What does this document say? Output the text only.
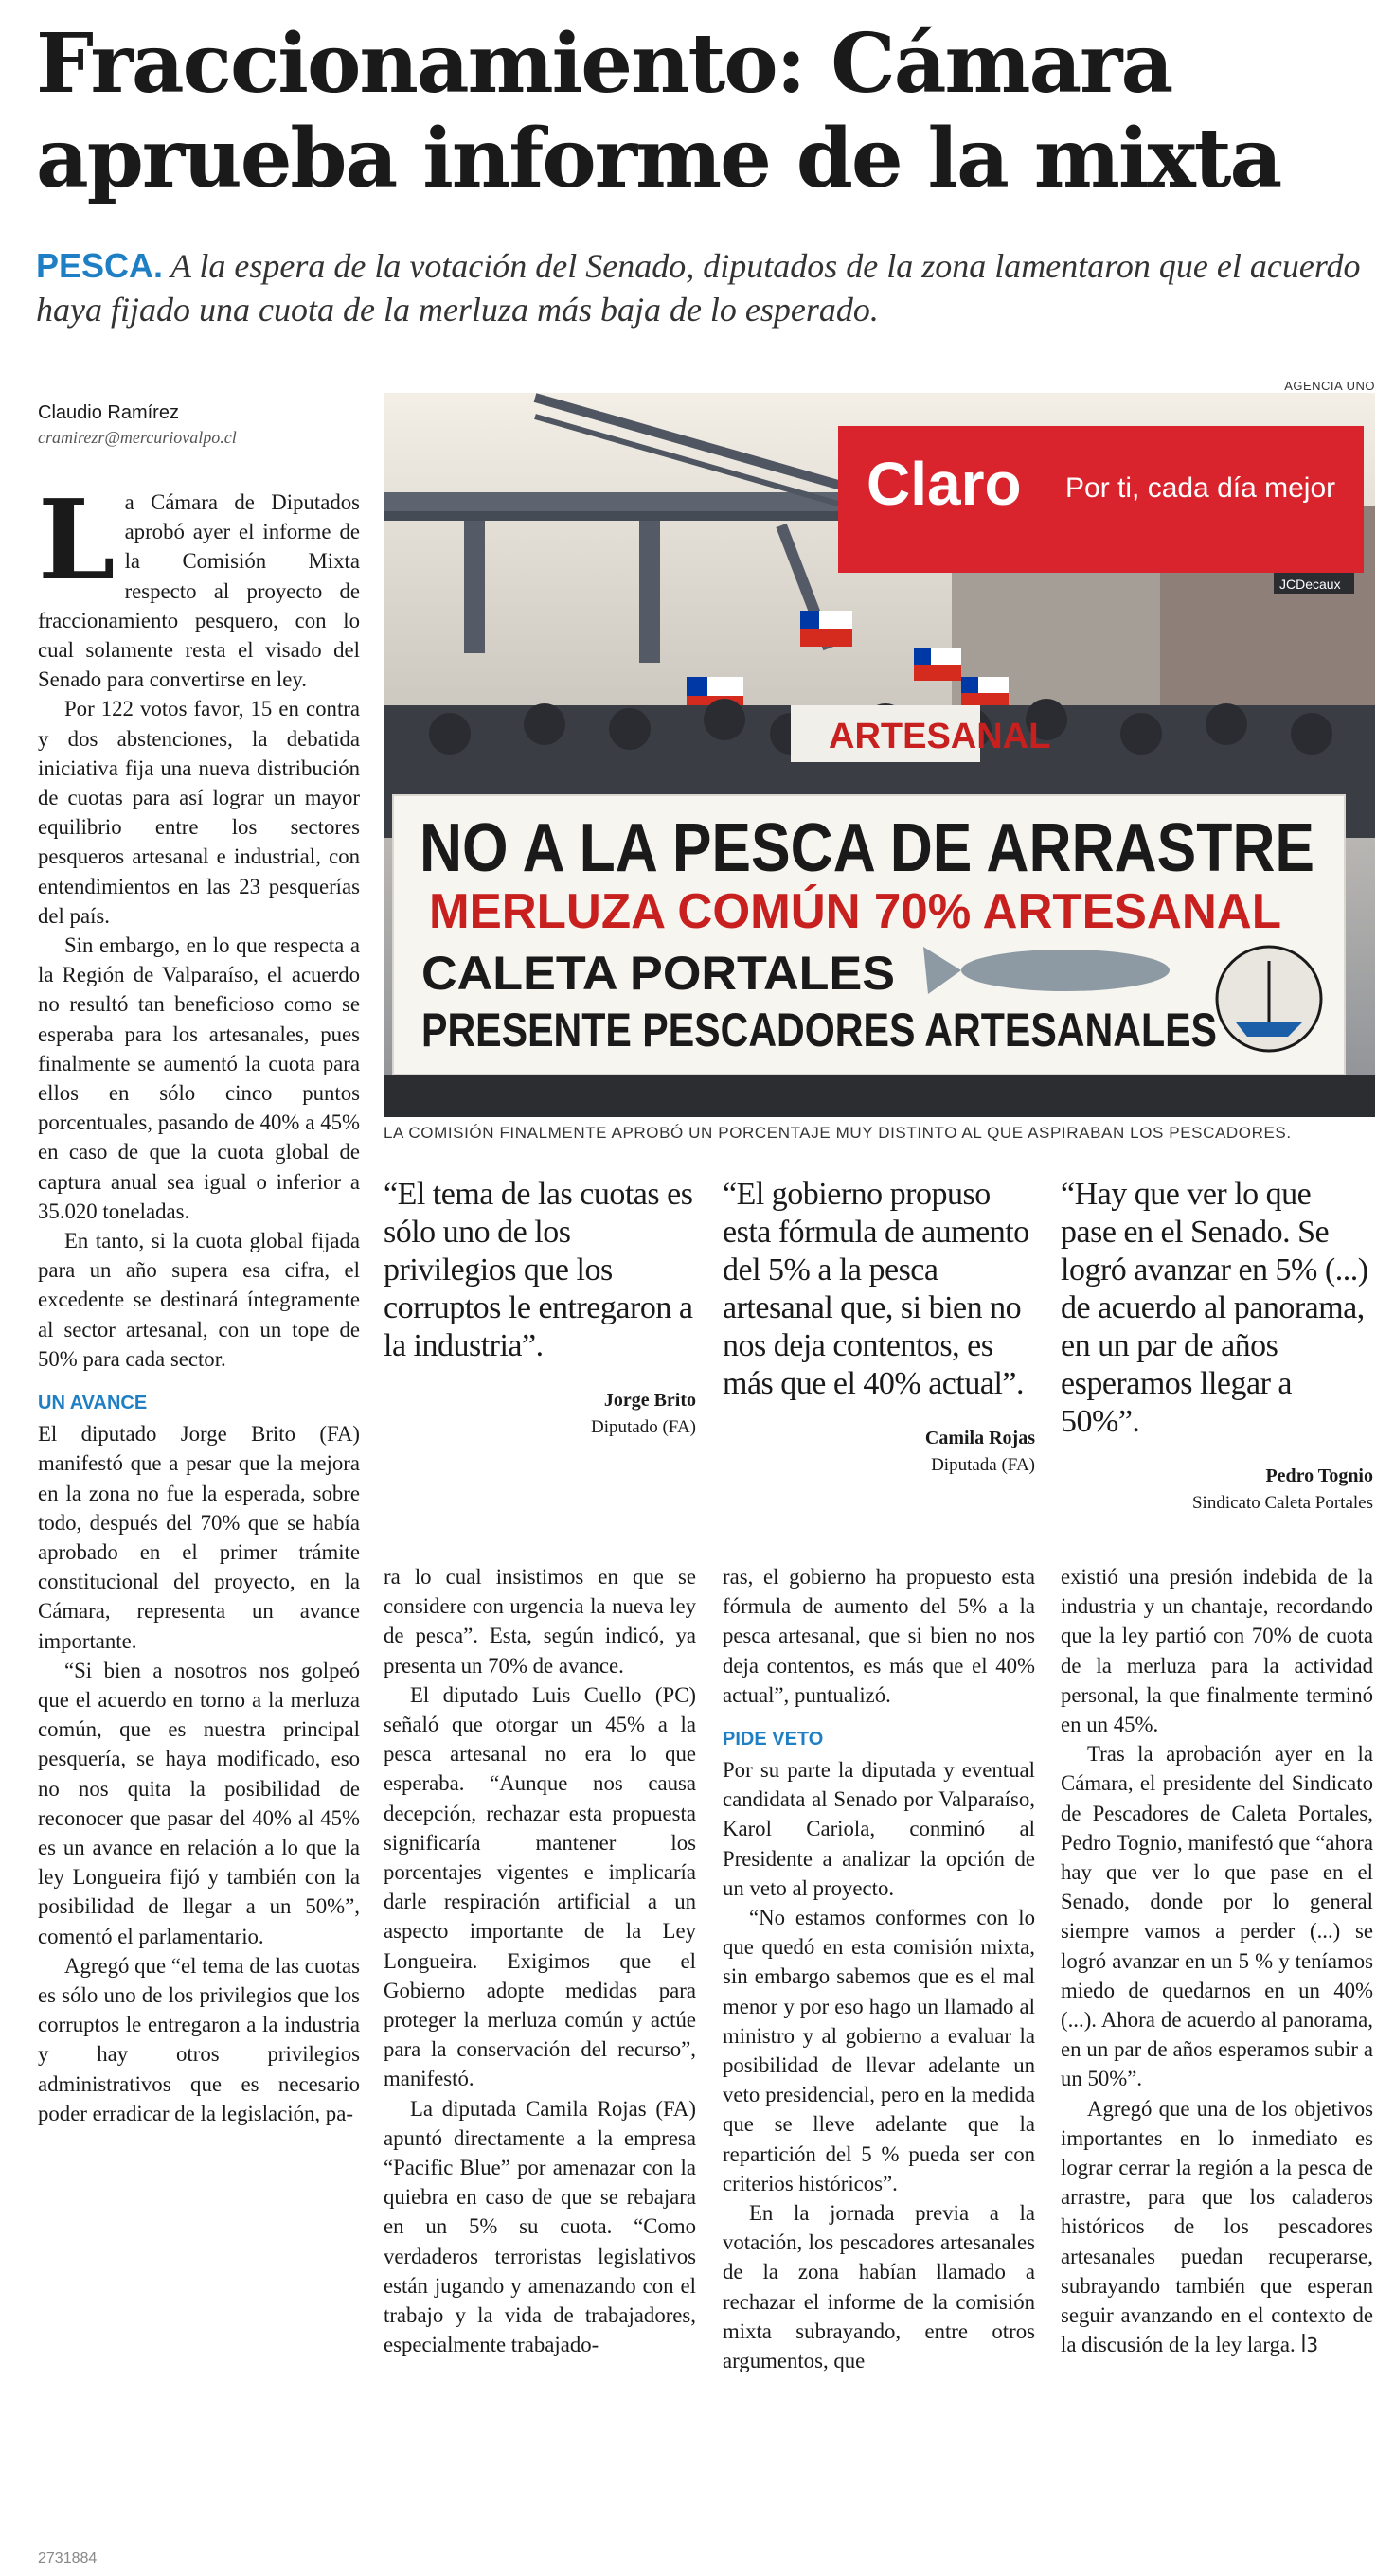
Fraccionamiento: Cámara aprueba informe de la mixta
PESCA. A la espera de la votación del Senado, diputados de la zona lamentaron que el acuerdo haya fijado una cuota de la merluza más baja de lo esperado.
Claudio Ramírez
cramirezr@mercuriovalpo.cl

La Cámara de Diputados aprobó ayer el informe de la Comisión Mixta respecto al proyecto de fraccionamiento pesquero, con lo cual solamente resta el visado del Senado para convertirse en ley.

Por 122 votos favor, 15 en contra y dos abstenciones, la debatida iniciativa fija una nueva distribución de cuotas para así lograr un mayor equilibrio entre los sectores pesqueros artesanal e industrial, con entendimientos en las 23 pesquerías del país.

Sin embargo, en lo que respecta a la Región de Valparaíso, el acuerdo no resultó tan beneficioso como se esperaba para los artesanales, pues finalmente se aumentó la cuota para ellos en sólo cinco puntos porcentuales, pasando de 40% a 45% en caso de que la cuota global de captura anual sea igual o inferior a 35.020 toneladas.

En tanto, si la cuota global fijada para un año supera esa cifra, el excedente se destinará íntegramente al sector artesanal, con un tope de 50% para cada sector.

UN AVANCE

El diputado Jorge Brito (FA) manifestó que a pesar que la mejora en la zona no fue la esperada, sobre todo, después del 70% que se había aprobado en el primer trámite constitucional del proyecto, en la Cámara, representa un avance importante.

“Si bien a nosotros nos golpeó que el acuerdo en torno a la merluza común, que es nuestra principal pesquería, se haya modificado, eso no nos quita la posibilidad de reconocer que pasar del 40% al 45% es un avance en relación a lo que la ley Longueira fijó y también con la posibilidad de llegar a un 50%”, comentó el parlamentario.

Agregó que “el tema de las cuotas es sólo uno de los privilegios que los corruptos le entregaron a la industria y hay otros privilegios administrativos que es necesario poder erradicar de la legislación, pa-

AGENCIA UNO
Claro Por ti, cada día mejor
JCDecaux
ARTESANAL
NO A LA PESCA DE ARRASTRE
MERLUZA COMÚN 70% ARTESANAL
CALETA PORTALES
PRESENTE PESCADORES ARTESANALES
LA COMISIÓN FINALMENTE APROBÓ UN PORCENTAJE MUY DISTINTO AL QUE ASPIRABAN LOS PESCADORES.
“El tema de las cuotas es sólo uno de los privilegios que los corruptos le entregaron a la industria”.
Jorge Brito
Diputado (FA)
“El gobierno propuso esta fórmula de aumento del 5% a la pesca artesanal que, si bien no nos deja contentos, es más que el 40% actual”.
Camila Rojas
Diputada (FA)
“Hay que ver lo que pase en el Senado. Se logró avanzar en 5% (...) de acuerdo al panorama, en un par de años esperamos llegar a 50%”.
Pedro Tognio
Sindicato Caleta Portales

ra lo cual insistimos en que se considere con urgencia la nueva ley de pesca”. Esta, según indicó, ya presenta un 70% de avance.

El diputado Luis Cuello (PC) señaló que otorgar un 45% a la pesca artesanal no era lo que esperaba. “Aunque nos causa decepción, rechazar esta propuesta significaría mantener los porcentajes vigentes e implicaría darle respiración artificial a un aspecto importante de la Ley Longueira. Exigimos que el Gobierno adopte medidas para proteger la merluza común y actúe para la conservación del recurso”, manifestó.

La diputada Camila Rojas (FA) apuntó directamente a la empresa “Pacific Blue” por amenazar con la quiebra en caso de que se rebajara en un 5% su cuota. “Como verdaderos terroristas legislativos están jugando y amenazando con el trabajo y la vida de trabajadores, especialmente trabajado-

ras, el gobierno ha propuesto esta fórmula de aumento del 5% a la pesca artesanal, que si bien no nos deja contentos, es más que el 40% actual”, puntualizó.

PIDE VETO

Por su parte la diputada y eventual candidata al Senado por Valparaíso, Karol Cariola, conminó al Presidente a analizar la opción de un veto al proyecto.

“No estamos conformes con lo que quedó en esta comisión mixta, sin embargo sabemos que es el mal menor y por eso hago un llamado al ministro y al gobierno a evaluar la posibilidad de llevar adelante un veto presidencial, pero en la medida que se lleve adelante que la repartición del 5 % pueda ser con criterios históricos”.

En la jornada previa a la votación, los pescadores artesanales de la zona habían llamado a rechazar el informe de la comisión mixta subrayando, entre otros argumentos, que

existió una presión indebida de la industria y un chantaje, recordando que la ley partió con 70% de cuota de la merluza para la actividad personal, la que finalmente terminó en un 45%.

Tras la aprobación ayer en la Cámara, el presidente del Sindicato de Pescadores de Caleta Portales, Pedro Tognio, manifestó que “ahora hay que ver lo que pase en el Senado, donde por lo general siempre vamos a perder (...) se logró avanzar en un 5 % y teníamos miedo de quedarnos en un 40% (...). Ahora de acuerdo al panorama, en un par de años esperamos subir a un 50%”.

Agregó que una de los objetivos importantes en lo inmediato es lograr cerrar la región a la pesca de arrastre, para que los caladeros históricos de los pescadores artesanales puedan recuperarse, subrayando también que esperan seguir avanzando en el contexto de la discusión de la ley larga. ꟾ3

2731884
